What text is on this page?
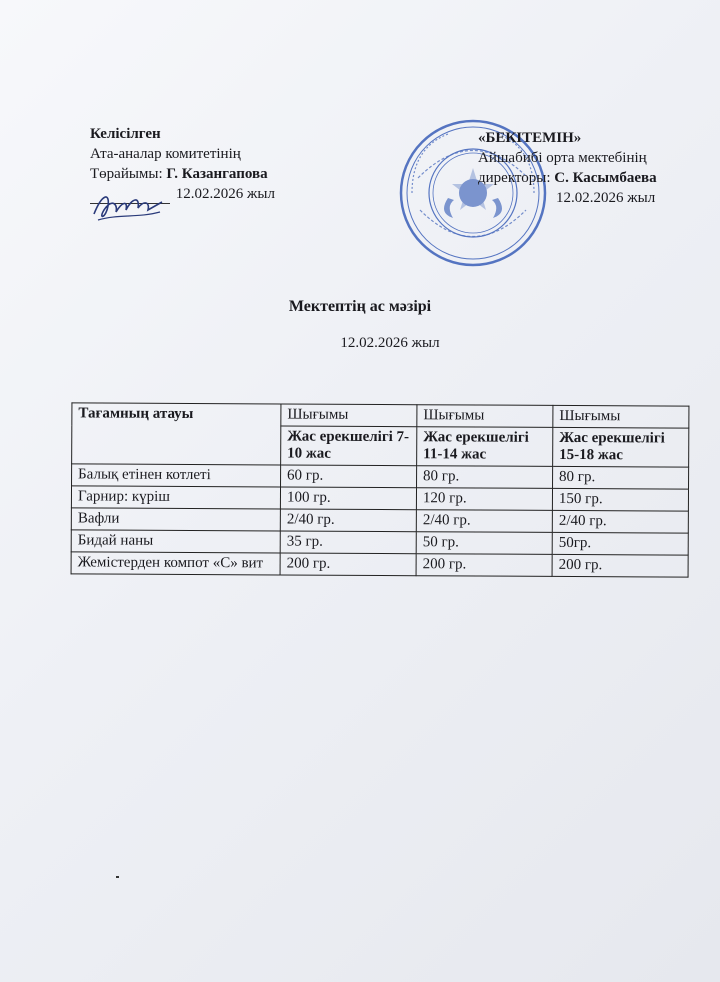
Келісілген
Ата-аналар комитетінің
Төрайымы: Г. Казангапова
12.02.2026 жыл
«БЕКІТЕМІН»
Айшабибі орта мектебінің
директоры: С. Касымбаева
12.02.2026 жыл
Мектептің ас мәзірі
12.02.2026 жыл
Тағамның атауы	Шығымы	Шығымы	Шығымы
	Жас ерекшелігі 7-10 жас	Жас ерекшелігі 11-14 жас	Жас ерекшелігі 15-18 жас
Балық етінен котлеті	60 гр.	80 гр.	80 гр.
Гарнир: күріш	100 гр.	120 гр.	150 гр.
Вафли	2/40 гр.	2/40 гр.	2/40 гр.
Бидай наны	35 гр.	50 гр.	50гр.
Жемістерден компот «С» вит	200 гр.	200 гр.	200 гр.
